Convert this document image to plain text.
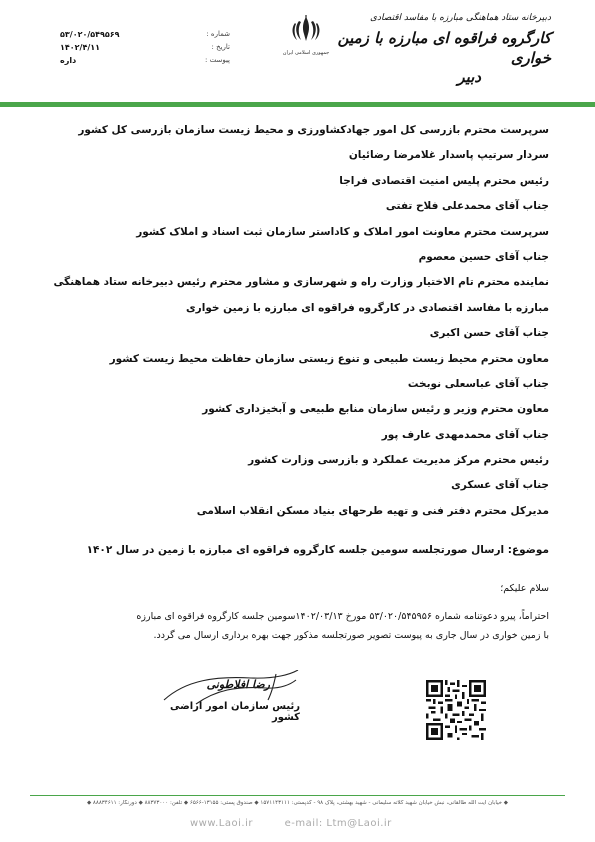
دبیرخانه ستاد هماهنگی مبارزه با مفاسد اقتصادی
کارگروه فراقوه ای مبارزه با زمین خواری
دبیر
جمهوری اسلامی ایران
شماره :
۵۳/۰۲۰/۵۴۹۵۶۹
تاریخ :
۱۴۰۲/۴/۱۱
پیوست :
داره
سرپرست محترم بازرسی کل امور جهادکشاورزی و محیط زیست سازمان بازرسی کل کشور
سردار سرتیپ پاسدار غلامرضا رضائیان
رئیس محترم پلیس امنیت اقتصادی فراجا
جناب آقای محمدعلی فلاح تفتی
سرپرست محترم معاونت امور املاک و کاداستر سازمان ثبت اسناد و املاک کشور
جناب آقای حسین معصوم
نماینده محترم تام الاختیار وزارت راه و شهرسازی و مشاور محترم رئیس دبیرخانه ستاد هماهنگی
مبارزه با مفاسد اقتصادی در کارگروه فراقوه ای مبارزه با زمین خواری
جناب آقای حسن اکبری
معاون محترم محیط زیست طبیعی و تنوع زیستی سازمان حفاظت محیط زیست کشور
جناب آقای عباسعلی نوبخت
معاون محترم وزیر و رئیس سازمان منابع طبیعی و آبخیزداری کشور
جناب آقای محمدمهدی عارف پور
رئیس محترم مرکز مدیریت عملکرد و بازرسی وزارت کشور
جناب آقای عسکری
مدیرکل محترم دفتر فنی و تهیه طرحهای بنیاد مسکن انقلاب اسلامی
موضوع: ارسال صورتجلسه سومین جلسه کارگروه فراقوه ای مبارزه با زمین در سال ۱۴۰۲
سلام علیکم؛
احتراماً، پیرو دعوتنامه شماره ۵۳/۰۲۰/۵۴۵۹۵۶ مورخ ۱۴۰۲/۰۳/۱۳سومین جلسه کارگروه فراقوه ای مبارزه
با زمین خواری در سال جاری به پیوست تصویر صورتجلسه مذکور جهت بهره برداری ارسال می گردد.
رضا افلاطونی
رئیس سازمان امور اراضی کشور
◆ خیابان آیت الله طالقانی، نبش خیابان شهید کلاته سلیمانی - شهید بهشتی، پلاک ۹۸ - کدپستی: ۱۵۷۱۱۴۳۱۱۱ ◆ صندوق پستی: ۱۳۱۵۵-۶۵۶۶ ◆ تلفن: ۸۸۳۷۳۰۰۰ ◆ دورنگار: ۸۸۸۳۴۶۱۱ ◆
www.Laoi.ir	e-mail: Ltm@Laoi.ir
